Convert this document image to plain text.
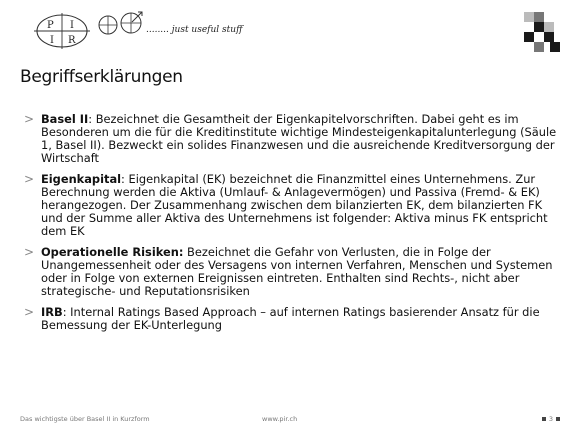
P I
I R
........ just useful stuff
Begriffserklärungen
> Basel II: Bezeichnet die Gesamtheit der Eigenkapitelvorschriften. Dabei geht es im Besonderen um die für die Kreditinstitute wichtige Mindesteigenkapitalunterlegung (Säule 1, Basel II). Bezweckt ein solides Finanzwesen und die ausreichende Kreditversorgung der Wirtschaft
> Eigenkapital: Eigenkapital (EK) bezeichnet die Finanzmittel eines Unternehmens. Zur Berechnung werden die Aktiva (Umlauf- & Anlagevermögen) und Passiva (Fremd- & EK) herangezogen. Der Zusammenhang zwischen dem bilanzierten EK, dem bilanzierten FK und der Summe aller Aktiva des Unternehmens ist folgender: Aktiva minus FK entspricht dem EK
> Operationelle Risiken: Bezeichnet die Gefahr von Verlusten, die in Folge der Unangemessenheit oder des Versagens von internen Verfahren, Menschen und Systemen oder in Folge von externen Ereignissen eintreten. Enthalten sind Rechts-, nicht aber strategische- und Reputationsrisiken
> IRB: Internal Ratings Based Approach – auf internen Ratings basierender Ansatz für die Bemessung der EK-Unterlegung
Das wichtigste über Basel II in Kurzform	www.pir.ch	3
